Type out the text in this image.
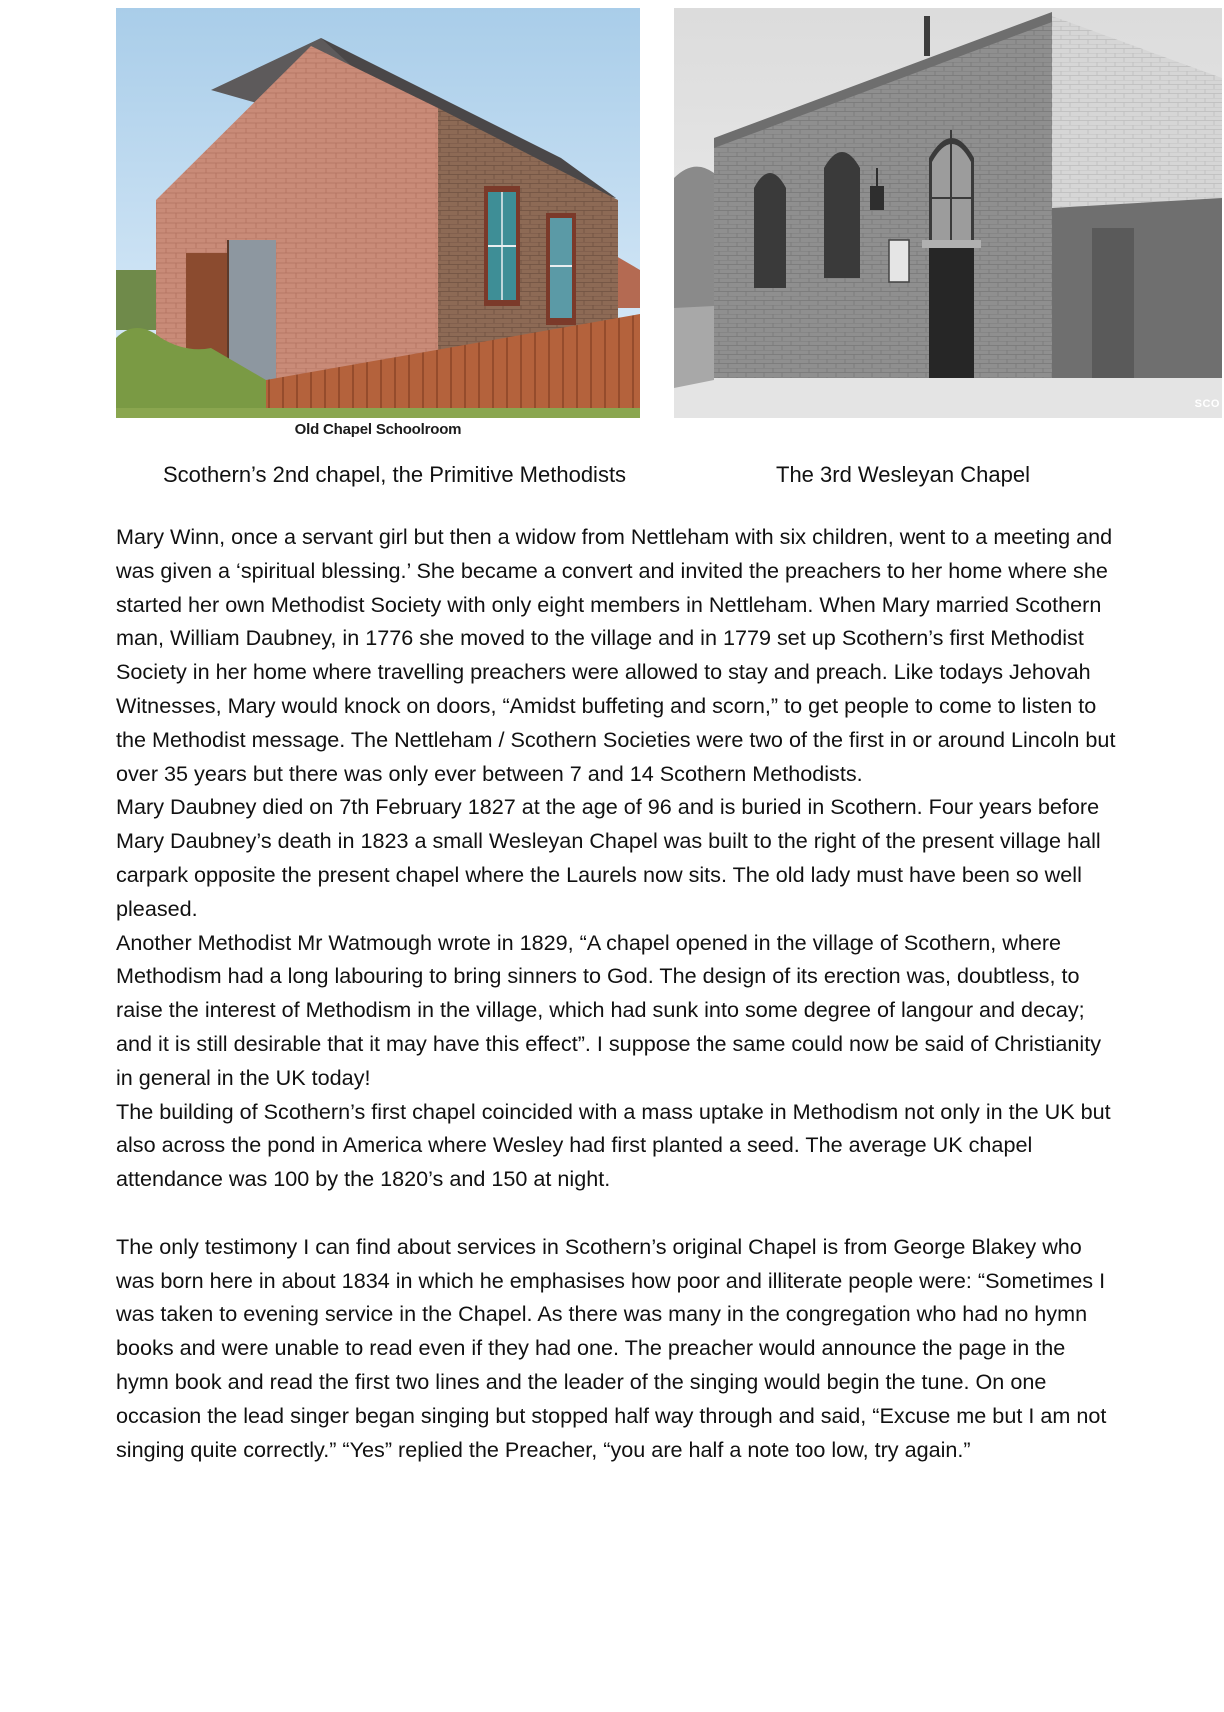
Old Chapel Schoolroom
SCO
Scothern’s 2nd chapel, the Primitive Methodists	The 3rd Wesleyan Chapel

Mary Winn, once a servant girl but then a widow from Nettleham with six children, went to a meeting and was given a ‘spiritual blessing.’ She became a convert and invited the preachers to her home where she started her own Methodist Society with only eight members in Nettleham. When Mary married Scothern man, William Daubney, in 1776 she moved to the village and in 1779 set up Scothern’s first Methodist Society in her home where travelling preachers were allowed to stay and preach. Like todays Jehovah Witnesses, Mary would knock on doors, “Amidst buffeting and scorn,” to get people to come to listen to the Methodist message. The Nettleham / Scothern Societies were two of the first in or around Lincoln but over 35 years but there was only ever between 7 and 14 Scothern Methodists.

Mary Daubney died on 7th February 1827 at the age of 96 and is buried in Scothern. Four years before Mary Daubney’s death in 1823 a small Wesleyan Chapel was built to the right of the present village hall carpark opposite the present chapel where the Laurels now sits. The old lady must have been so well pleased.

Another Methodist Mr Watmough wrote in 1829, “A chapel opened in the village of Scothern, where Methodism had a long labouring to bring sinners to God. The design of its erection was, doubtless, to raise the interest of Methodism in the village, which had sunk into some degree of langour and decay; and it is still desirable that it may have this effect”. I suppose the same could now be said of Christianity in general in the UK today!

The building of Scothern’s first chapel coincided with a mass uptake in Methodism not only in the UK but also across the pond in America where Wesley had first planted a seed. The average UK chapel attendance was 100 by the 1820’s and 150 at night.

The only testimony I can find about services in Scothern’s original Chapel is from George Blakey who was born here in about 1834 in which he emphasises how poor and illiterate people were: “Sometimes I was taken to evening service in the Chapel. As there was many in the congregation who had no hymn books and were unable to read even if they had one. The preacher would announce the page in the hymn book and read the first two lines and the leader of the singing would begin the tune. On one occasion the lead singer began singing but stopped half way through and said, “Excuse me but I am not singing quite correctly.” “Yes” replied the Preacher, “you are half a note too low, try again.”
